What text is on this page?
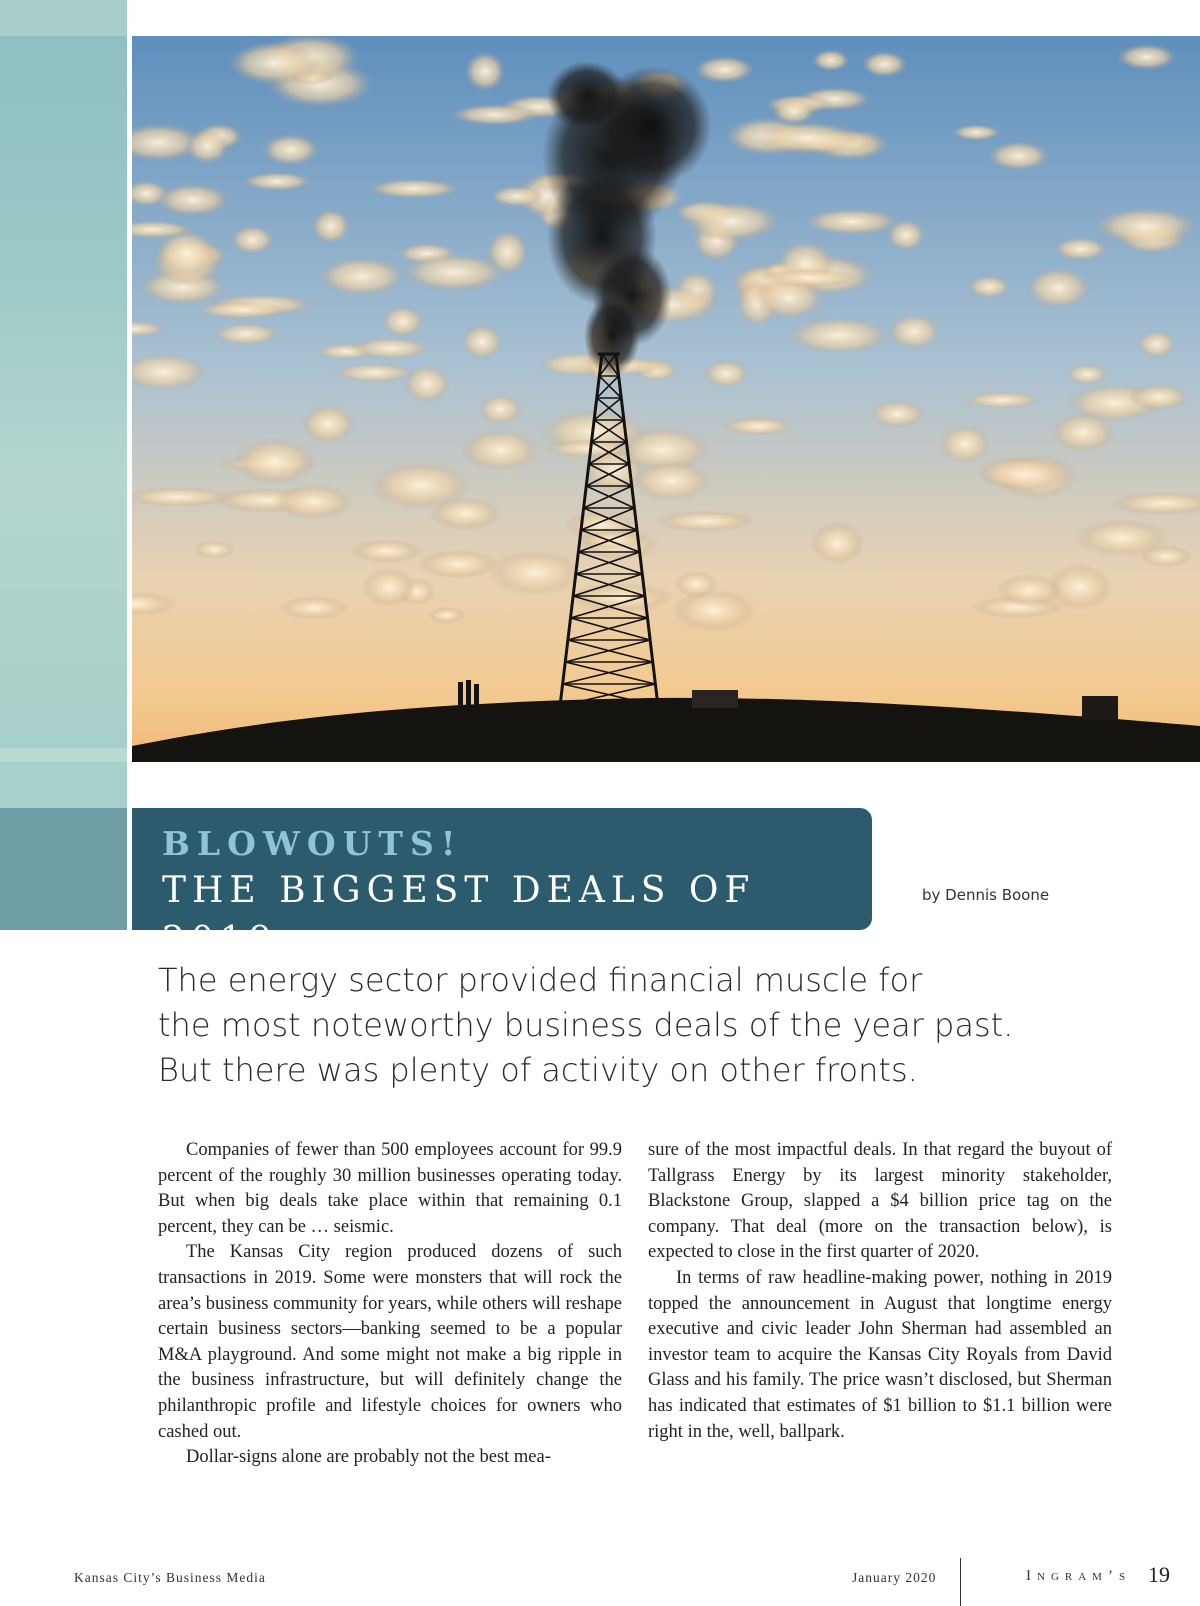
BLOWOUTS!
THE BIGGEST DEALS OF 2019
by Dennis Boone
The energy sector provided financial muscle for
the most noteworthy business deals of the year past.
But there was plenty of activity on other fronts.

Companies of fewer than 500 employees account for 99.9 percent of the roughly 30 million businesses operating today. But when big deals take place within that remaining 0.1 percent, they can be … seismic.

The Kansas City region produced dozens of such transactions in 2019. Some were monsters that will rock the area’s business community for years, while others will reshape certain business sectors—banking seemed to be a popular M&A playground. And some might not make a big ripple in the business infrastructure, but will definitely change the philanthropic profile and lifestyle choices for owners who cashed out.

Dollar-signs alone are probably not the best mea-

sure of the most impactful deals. In that regard the buyout of Tallgrass Energy by its largest minority stakeholder, Blackstone Group, slapped a $4 billion price tag on the company. That deal (more on the transaction below), is expected to close in the first quarter of 2020.

In terms of raw headline-making power, nothing in 2019 topped the announcement in August that longtime energy executive and civic leader John Sherman had assembled an investor team to acquire the Kansas City Royals from David Glass and his family. The price wasn’t disclosed, but Sherman has indicated that estimates of $1 billion to $1.1 billion were right in the, well, ballpark.

Kansas City’s Business Media	January 2020	Ingram’s 19
